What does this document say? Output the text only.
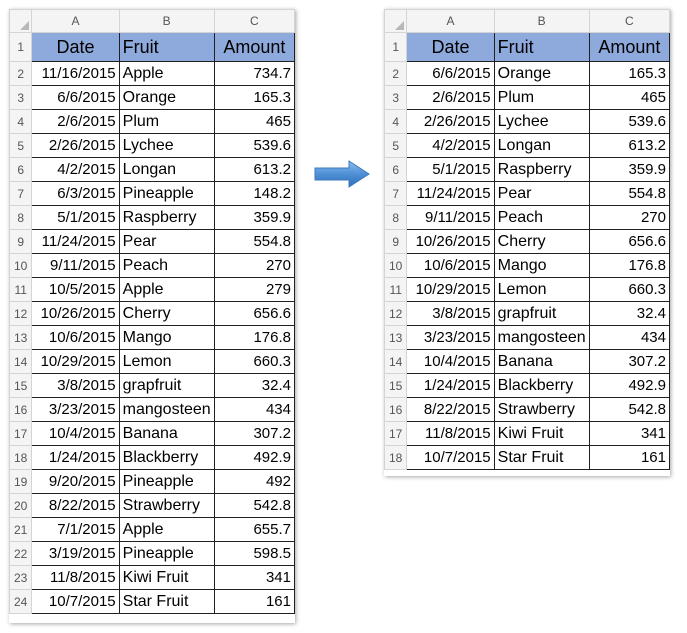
	A	B	C
1	Date	Fruit	Amount
2	11/16/2015	Apple	734.7
3	6/6/2015	Orange	165.3
4	2/6/2015	Plum	465
5	2/26/2015	Lychee	539.6
6	4/2/2015	Longan	613.2
7	6/3/2015	Pineapple	148.2
8	5/1/2015	Raspberry	359.9
9	11/24/2015	Pear	554.8
10	9/11/2015	Peach	270
11	10/5/2015	Apple	279
12	10/26/2015	Cherry	656.6
13	10/6/2015	Mango	176.8
14	10/29/2015	Lemon	660.3
15	3/8/2015	grapfruit	32.4
16	3/23/2015	mangosteen	434
17	10/4/2015	Banana	307.2
18	1/24/2015	Blackberry	492.9
19	9/20/2015	Pineapple	492
20	8/22/2015	Strawberry	542.8
21	7/1/2015	Apple	655.7
22	3/19/2015	Pineapple	598.5
23	11/8/2015	Kiwi Fruit	341
24	10/7/2015	Star Fruit	161
	A	B	C
1	Date	Fruit	Amount
2	6/6/2015	Orange	165.3
3	2/6/2015	Plum	465
4	2/26/2015	Lychee	539.6
5	4/2/2015	Longan	613.2
6	5/1/2015	Raspberry	359.9
7	11/24/2015	Pear	554.8
8	9/11/2015	Peach	270
9	10/26/2015	Cherry	656.6
10	10/6/2015	Mango	176.8
11	10/29/2015	Lemon	660.3
12	3/8/2015	grapfruit	32.4
13	3/23/2015	mangosteen	434
14	10/4/2015	Banana	307.2
15	1/24/2015	Blackberry	492.9
16	8/22/2015	Strawberry	542.8
17	11/8/2015	Kiwi Fruit	341
18	10/7/2015	Star Fruit	161
